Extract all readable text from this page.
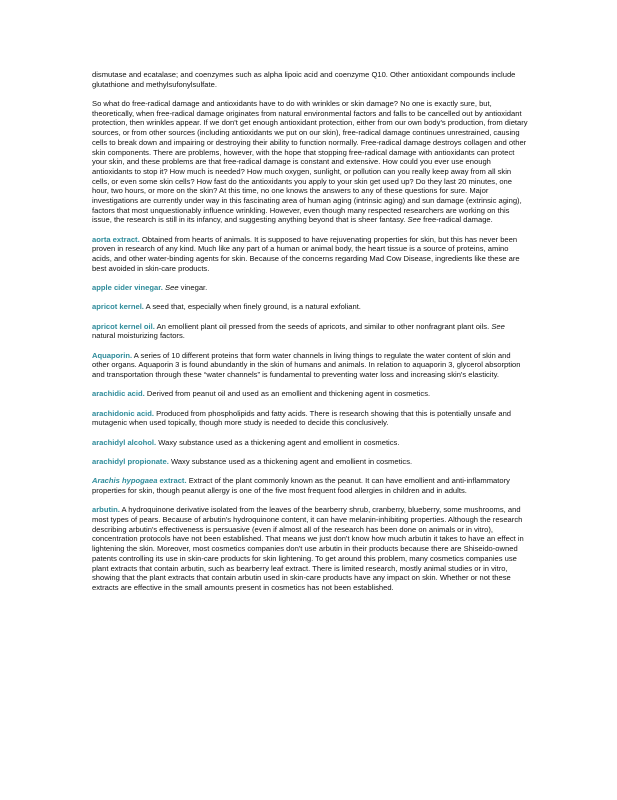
dismutase and ecatalase; and coenzymes such as alpha lipoic acid and coenzyme Q10. Other antioxidant compounds include glutathione and methylsufonylsulfate.

So what do free-radical damage and antioxidants have to do with wrinkles or skin damage? No one is exactly sure, but, theoretically, when free-radical damage originates from natural environmental factors and falls to be cancelled out by antioxidant protection, then wrinkles appear. If we don't get enough antioxidant protection, either from our own body's production, from dietary sources, or from other sources (including antioxidants we put on our skin), free-radical damage continues unrestrained, causing cells to break down and impairing or destroying their ability to function normally. Free-radical damage destroys collagen and other skin components. There are problems, however, with the hope that stopping free-radical damage with antioxidants can protect your skin, and these problems are that free-radical damage is constant and extensive. How could you ever use enough antioxidants to stop it? How much is needed? How much oxygen, sunlight, or pollution can you really keep away from all skin cells, or even some skin cells? How fast do the antioxidants you apply to your skin get used up? Do they last 20 minutes, one hour, two hours, or more on the skin? At this time, no one knows the answers to any of these questions for sure. Major investigations are currently under way in this fascinating area of human aging (intrinsic aging) and sun damage (extrinsic aging), factors that most unquestionably influence wrinkling. However, even though many respected researchers are working on this issue, the research is still in its infancy, and suggesting anything beyond that is sheer fantasy. See free-radical damage.

aorta extract. Obtained from hearts of animals. It is supposed to have rejuvenating properties for skin, but this has never been proven in research of any kind. Much like any part of a human or animal body, the heart tissue is a source of proteins, amino acids, and other water-binding agents for skin. Because of the concerns regarding Mad Cow Disease, ingredients like these are best avoided in skin-care products.

apple cider vinegar. See vinegar.

apricot kernel. A seed that, especially when finely ground, is a natural exfoliant.

apricot kernel oil. An emollient plant oil pressed from the seeds of apricots, and similar to other nonfragrant plant oils. See natural moisturizing factors.

Aquaporin. A series of 10 different proteins that form water channels in living things to regulate the water content of skin and other organs. Aquaporin 3 is found abundantly in the skin of humans and animals. In relation to aquaporin 3, glycerol absorption and transportation through these “water channels” is fundamental to preventing water loss and increasing skin's elasticity.

arachidic acid. Derived from peanut oil and used as an emollient and thickening agent in cosmetics.

arachidonic acid. Produced from phospholipids and fatty acids. There is research showing that this is potentially unsafe and mutagenic when used topically, though more study is needed to decide this conclusively.

arachidyl alcohol. Waxy substance used as a thickening agent and emollient in cosmetics.

arachidyl propionate. Waxy substance used as a thickening agent and emollient in cosmetics.

Arachis hypogaea extract. Extract of the plant commonly known as the peanut. It can have emollient and anti-inflammatory properties for skin, though peanut allergy is one of the five most frequent food allergies in children and in adults.

arbutin. A hydroquinone derivative isolated from the leaves of the bearberry shrub, cranberry, blueberry, some mushrooms, and most types of pears. Because of arbutin's hydroquinone content, it can have melanin-inhibiting properties. Although the research describing arbutin's effectiveness is persuasive (even if almost all of the research has been done on animals or in vitro), concentration protocols have not been established. That means we just don't know how much arbutin it takes to have an effect in lightening the skin. Moreover, most cosmetics companies don't use arbutin in their products because there are Shiseido-owned patents controlling its use in skin-care products for skin lightening. To get around this problem, many cosmetics companies use plant extracts that contain arbutin, such as bearberry leaf extract. There is limited research, mostly animal studies or in vitro, showing that the plant extracts that contain arbutin used in skin-care products have any impact on skin. Whether or not these extracts are effective in the small amounts present in cosmetics has not been established.
